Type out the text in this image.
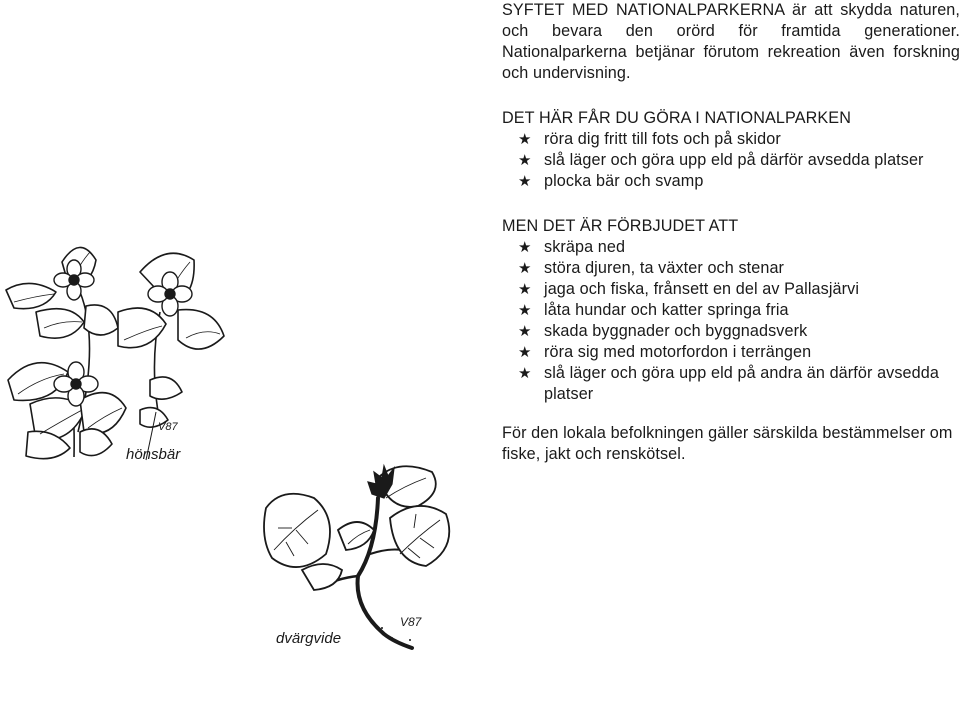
SYFTET MED NATIONALPARKERNA är att skydda naturen, och bevara den orörd för framtida generationer. Nationalparkerna betjänar förutom rekreation även forskning och undervisning.
DET HÄR FÅR DU GÖRA I NATIONALPARKEN
★ röra dig fritt till fots och på skidor
★ slå läger och göra upp eld på därför avsedda platser
★ plocka bär och svamp
MEN DET ÄR FÖRBJUDET ATT
★ skräpa ned
★ störa djuren, ta växter och stenar
★ jaga och fiska, frånsett en del av Pallasjärvi
★ låta hundar och katter springa fria
★ skada byggnader och byggnadsverk
★ röra sig med motorfordon i terrängen
★ slå läger och göra upp eld på andra än därför avsedda platser
För den lokala befolkningen gäller särskilda bestämmelser om fiske, jakt och renskötsel.
V87
hönsbär
V87
dvärgvide
